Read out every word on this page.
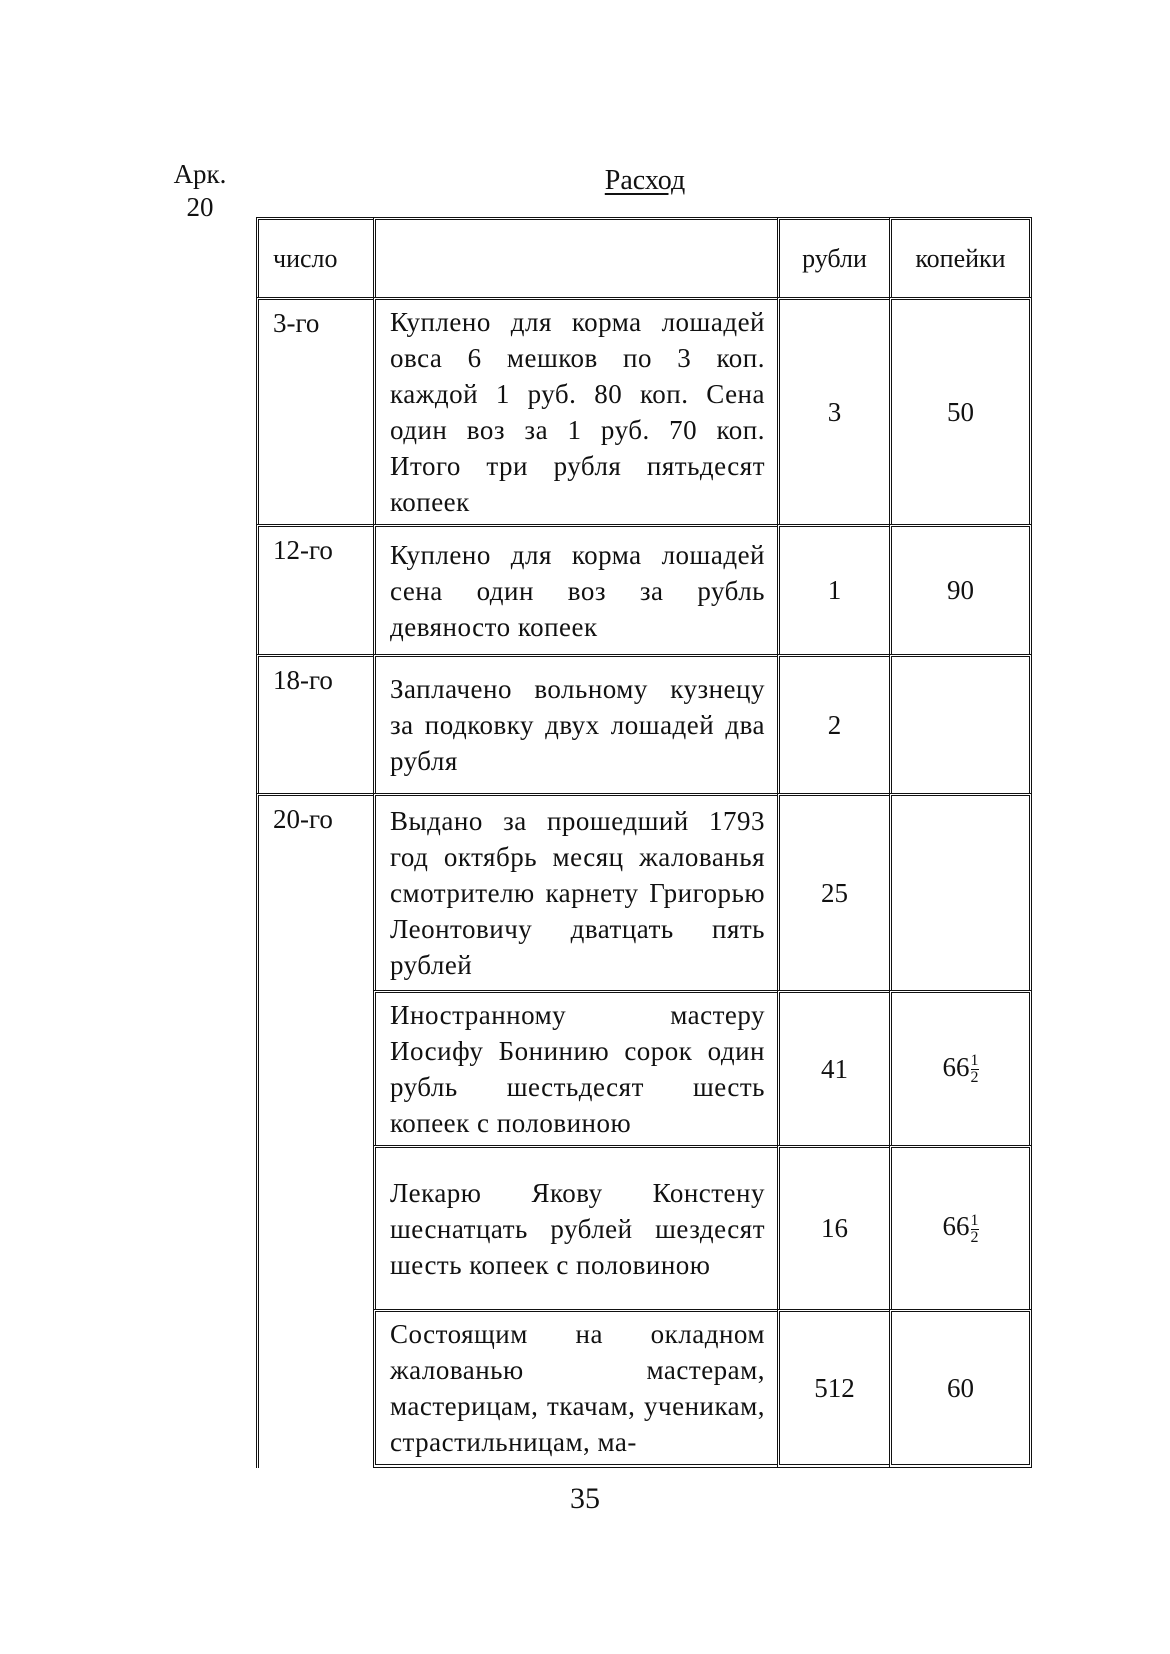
Арк.
20
Расход
число		рубли	копейки
3-го	Куплено для корма лошадей овса 6 мешков по 3 коп. каждой 1 руб. 80 коп. Сена один воз за 1 руб. 70 коп. Итого три рубля пятьдесят копеек	3	50
12-го	Куплено для корма лошадей сена один воз за рубль девяносто копеек	1	90
18-го	Заплачено вольному кузнецу за подковку двух лошадей два рубля	2	
20-го	Выдано за прошедший 1793 год октябрь месяц жалованья смотрителю карнету Григорью Леонтовичу дватцать пять рублей	25	

	Иностранному мастеру Иосифу Бонинию сорок один рубль шестьдесят шесть копеек с половиною	41	$66 \frac{1}{2}$

	Лекарю Якову Констену шеснатцать рублей шездесят шесть копеек с половиною	16	$66 \frac{1}{2}$

	Состоящим на окладном жалованью мастерам, мастерицам, ткачам, ученикам, страстильницам, ма-	512	60
35
